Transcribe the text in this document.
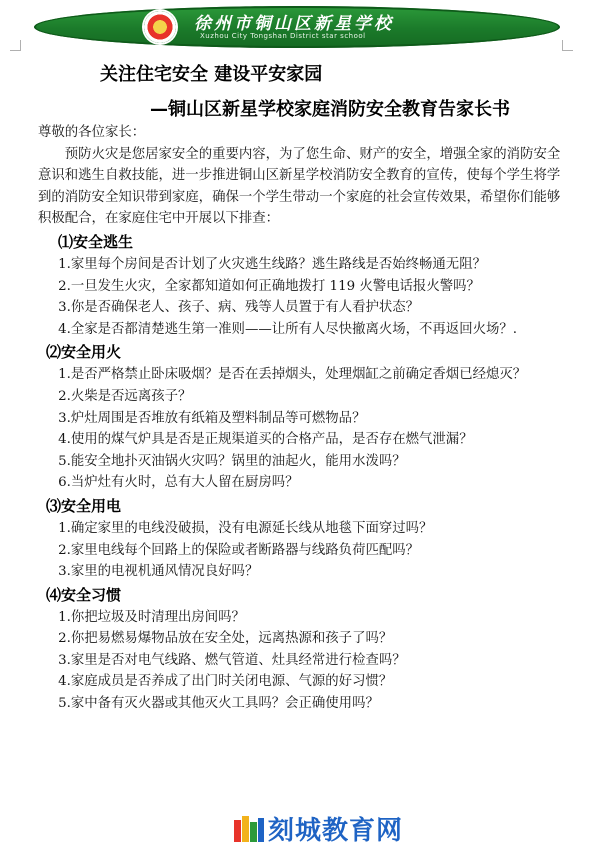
徐州市铜山区新星学校
Xuzhou City Tongshan District star school
关注住宅安全 建设平安家园
—铜山区新星学校家庭消防安全教育告家长书

尊敬的各位家长：

预防火灾是您居家安全的重要内容，为了您生命、财产的安全，增强全家的消防安全意识和逃生自救技能，进一步推进铜山区新星学校消防安全教育的宣传，使每个学生将学到的消防安全知识带到家庭，确保一个学生带动一个家庭的社会宣传效果，希望你们能够积极配合，在家庭住宅中开展以下排查：

⑴安全逃生

1.家里每个房间是否计划了火灾逃生线路？逃生路线是否始终畅通无阻？

2.一旦发生火灾，全家都知道如何正确地拨打 119 火警电话报火警吗？

3.你是否确保老人、孩子、病、残等人员置于有人看护状态？

4.全家是否都清楚逃生第一准则——让所有人尽快撤离火场，不再返回火场？.

⑵安全用火

1.是否严格禁止卧床吸烟？是否在丢掉烟头，处理烟缸之前确定香烟已经熄灭？

2.火柴是否远离孩子？

3.炉灶周围是否堆放有纸箱及塑料制品等可燃物品？

4.使用的煤气炉具是否是正规渠道买的合格产品，是否存在燃气泄漏？

5.能安全地扑灭油锅火灾吗？锅里的油起火，能用水泼吗？

6.当炉灶有火时，总有大人留在厨房吗？

⑶安全用电

1.确定家里的电线没破损，没有电源延长线从地毯下面穿过吗？

2.家里电线每个回路上的保险或者断路器与线路负荷匹配吗？

3.家里的电视机通风情况良好吗？

⑷安全习惯

1.你把垃圾及时清理出房间吗？

2.你把易燃易爆物品放在安全处，远离热源和孩子了吗？

3.家里是否对电气线路、燃气管道、灶具经常进行检查吗？

4.家庭成员是否养成了出门时关闭电源、气源的好习惯？

5.家中备有灭火器或其他灭火工具吗？会正确使用吗？

刻城教育网
